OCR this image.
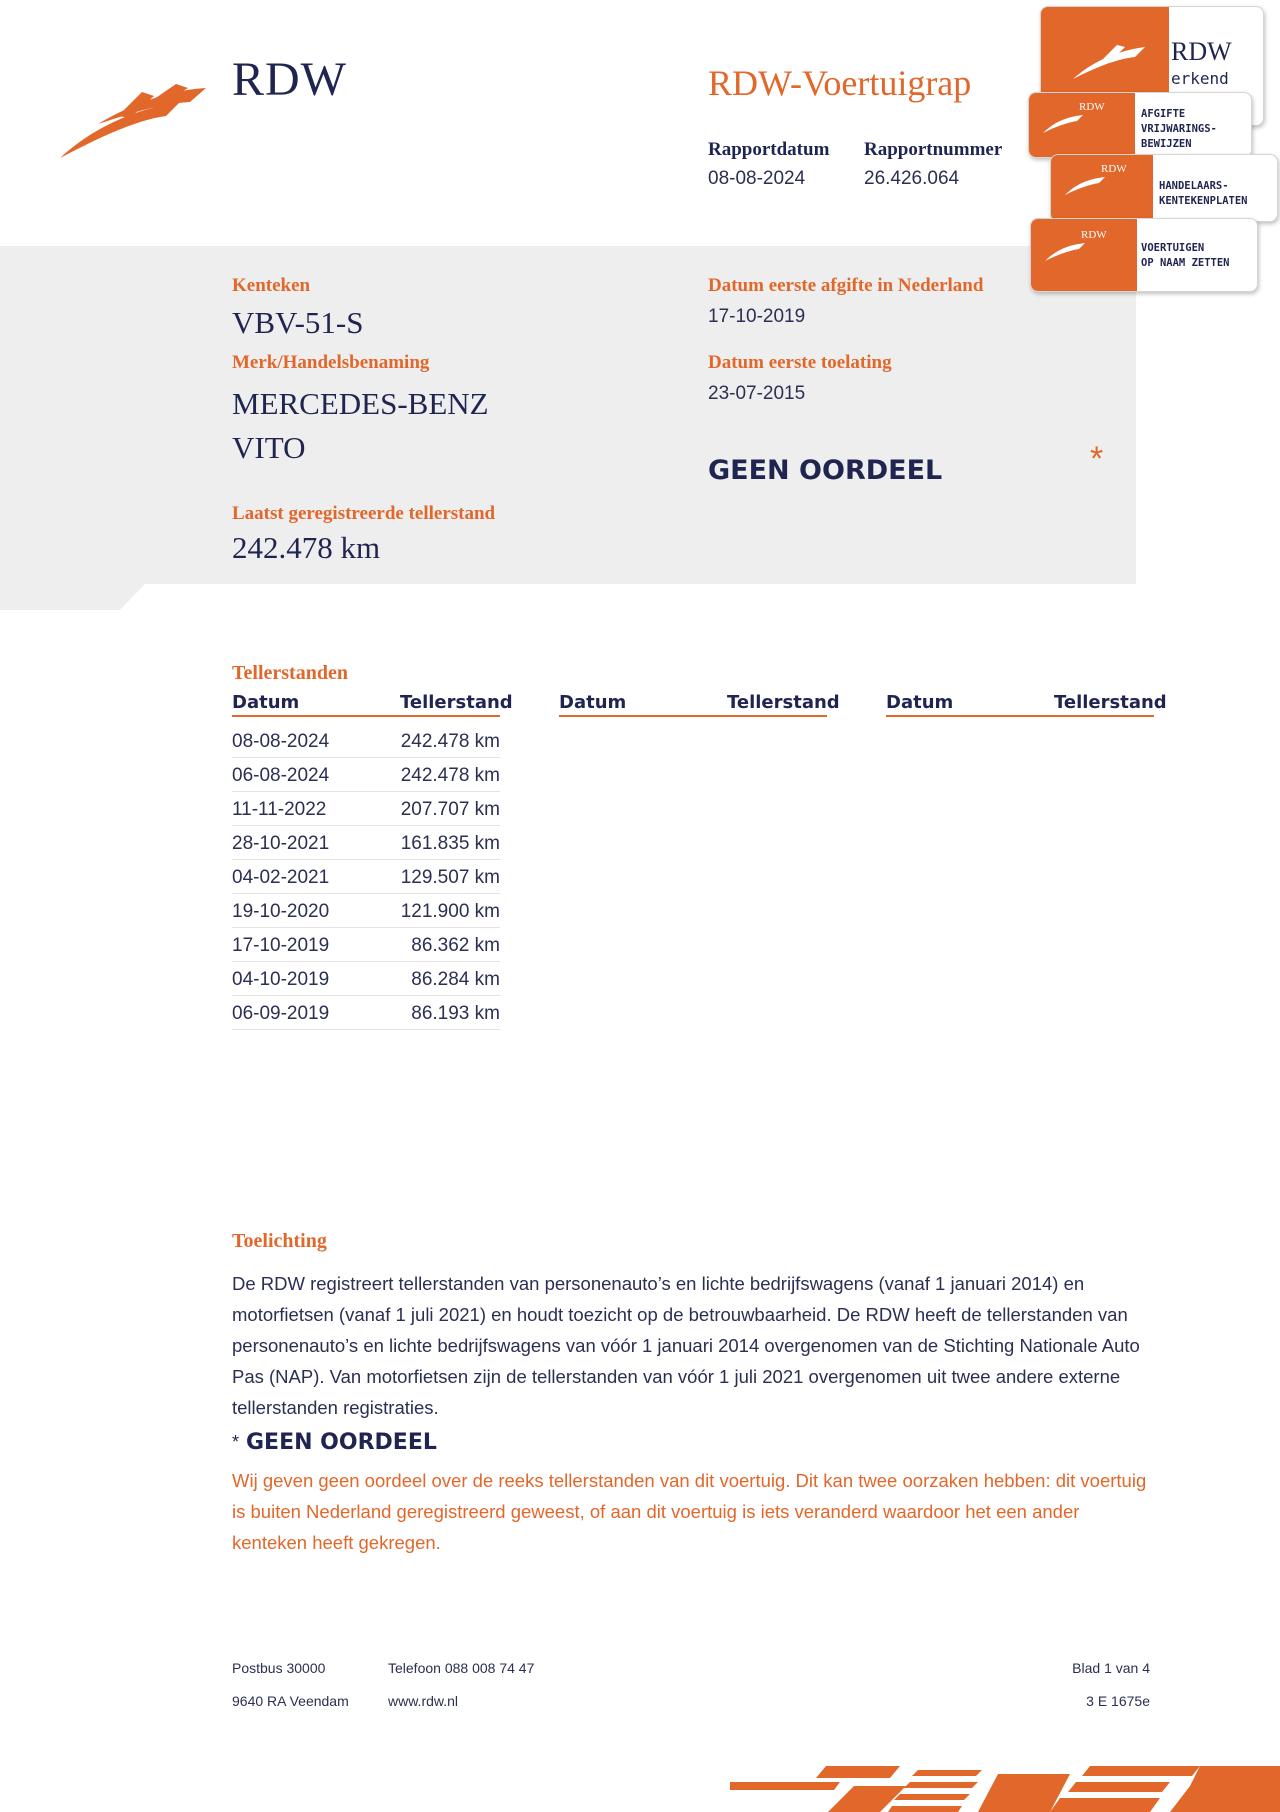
RDW	RDW-Voertuigrap
Rapportdatum
08-08-2024
Rapportnummer
26.426.064
Kenteken
VBV-51-S
Merk/Handelsbenaming
MERCEDES-BENZ
VITO
Laatst geregistreerde tellerstand
242.478 km
Datum eerste afgifte in Nederland
17-10-2019
Datum eerste toelating
23-07-2015
GEEN OORDEEL	*
RDW
erkend
RDW
AFGIFTE
VRIJWARINGS-
BEWIJZEN
RDW
HANDELAARS-
KENTEKENPLATEN
RDW
VOERTUIGEN
OP NAAM ZETTEN
Tellerstanden
Datum	Tellerstand	Datum	Tellerstand	Datum	Tellerstand
08-08-2024	242.478 km
06-08-2024	242.478 km
11-11-2022	207.707 km
28-10-2021	161.835 km
04-02-2021	129.507 km
19-10-2020	121.900 km
17-10-2019	86.362 km
04-10-2019	86.284 km
06-09-2019	86.193 km
Toelichting
De RDW registreert tellerstanden van personenauto’s en lichte bedrijfswagens (vanaf 1 januari 2014) en motorfietsen (vanaf 1 juli 2021) en houdt toezicht op de betrouwbaarheid. De RDW heeft de tellerstanden van personenauto’s en lichte bedrijfswagens van vóór 1 januari 2014 overgenomen van de Stichting Nationale Auto Pas (NAP). Van motorfietsen zijn de tellerstanden van vóór 1 juli 2021 overgenomen uit twee andere externe tellerstanden registraties.
* GEEN OORDEEL
Wij geven geen oordeel over de reeks tellerstanden van dit voertuig. Dit kan twee oorzaken hebben: dit voertuig is buiten Nederland geregistreerd geweest, of aan dit voertuig is iets veranderd waardoor het een ander kenteken heeft gekregen.
Postbus 30000
9640 RA Veendam
Telefoon 088 008 74 47
www.rdw.nl
Blad 1 van 4
3 E 1675e
